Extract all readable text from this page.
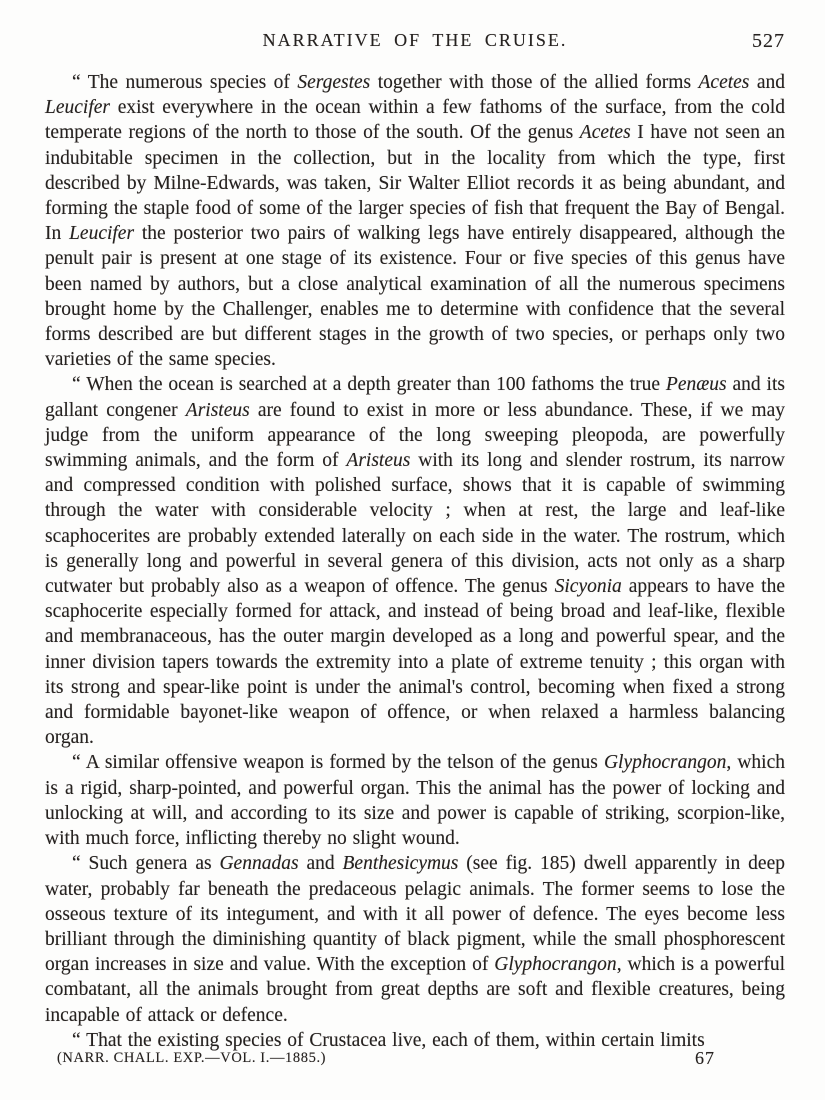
NARRATIVE OF THE CRUISE.	527

“ The numerous species of Sergestes together with those of the allied forms Acetes and Leucifer exist everywhere in the ocean within a few fathoms of the surface, from the cold temperate regions of the north to those of the south. Of the genus Acetes I have not seen an indubitable specimen in the collection, but in the locality from which the type, first described by Milne-Edwards, was taken, Sir Walter Elliot records it as being abundant, and forming the staple food of some of the larger species of fish that frequent the Bay of Bengal. In Leucifer the posterior two pairs of walking legs have entirely disappeared, although the penult pair is present at one stage of its existence. Four or five species of this genus have been named by authors, but a close analytical examination of all the numerous specimens brought home by the Challenger, enables me to determine with confidence that the several forms described are but different stages in the growth of two species, or perhaps only two varieties of the same species.

“ When the ocean is searched at a depth greater than 100 fathoms the true Penæus and its gallant congener Aristeus are found to exist in more or less abundance. These, if we may judge from the uniform appearance of the long sweeping pleopoda, are powerfully swimming animals, and the form of Aristeus with its long and slender rostrum, its narrow and compressed condition with polished surface, shows that it is capable of swimming through the water with considerable velocity ; when at rest, the large and leaf-like scaphocerites are probably extended laterally on each side in the water. The rostrum, which is generally long and powerful in several genera of this division, acts not only as a sharp cutwater but probably also as a weapon of offence. The genus Sicyonia appears to have the scaphocerite especially formed for attack, and instead of being broad and leaf-like, flexible and membranaceous, has the outer margin developed as a long and powerful spear, and the inner division tapers towards the extremity into a plate of extreme tenuity ; this organ with its strong and spear-like point is under the animal's control, becoming when fixed a strong and formidable bayonet-like weapon of offence, or when relaxed a harmless balancing organ.

“ A similar offensive weapon is formed by the telson of the genus Glyphocrangon, which is a rigid, sharp-pointed, and powerful organ. This the animal has the power of locking and unlocking at will, and according to its size and power is capable of striking, scorpion-like, with much force, inflicting thereby no slight wound.

“ Such genera as Gennadas and Benthesicymus (see fig. 185) dwell apparently in deep water, probably far beneath the predaceous pelagic animals. The former seems to lose the osseous texture of its integument, and with it all power of defence. The eyes become less brilliant through the diminishing quantity of black pigment, while the small phosphorescent organ increases in size and value. With the exception of Glyphocrangon, which is a powerful combatant, all the animals brought from great depths are soft and flexible creatures, being incapable of attack or defence.

“ That the existing species of Crustacea live, each of them, within certain limits

(NARR. CHALL. EXP.—VOL. I.—1885.)	67
